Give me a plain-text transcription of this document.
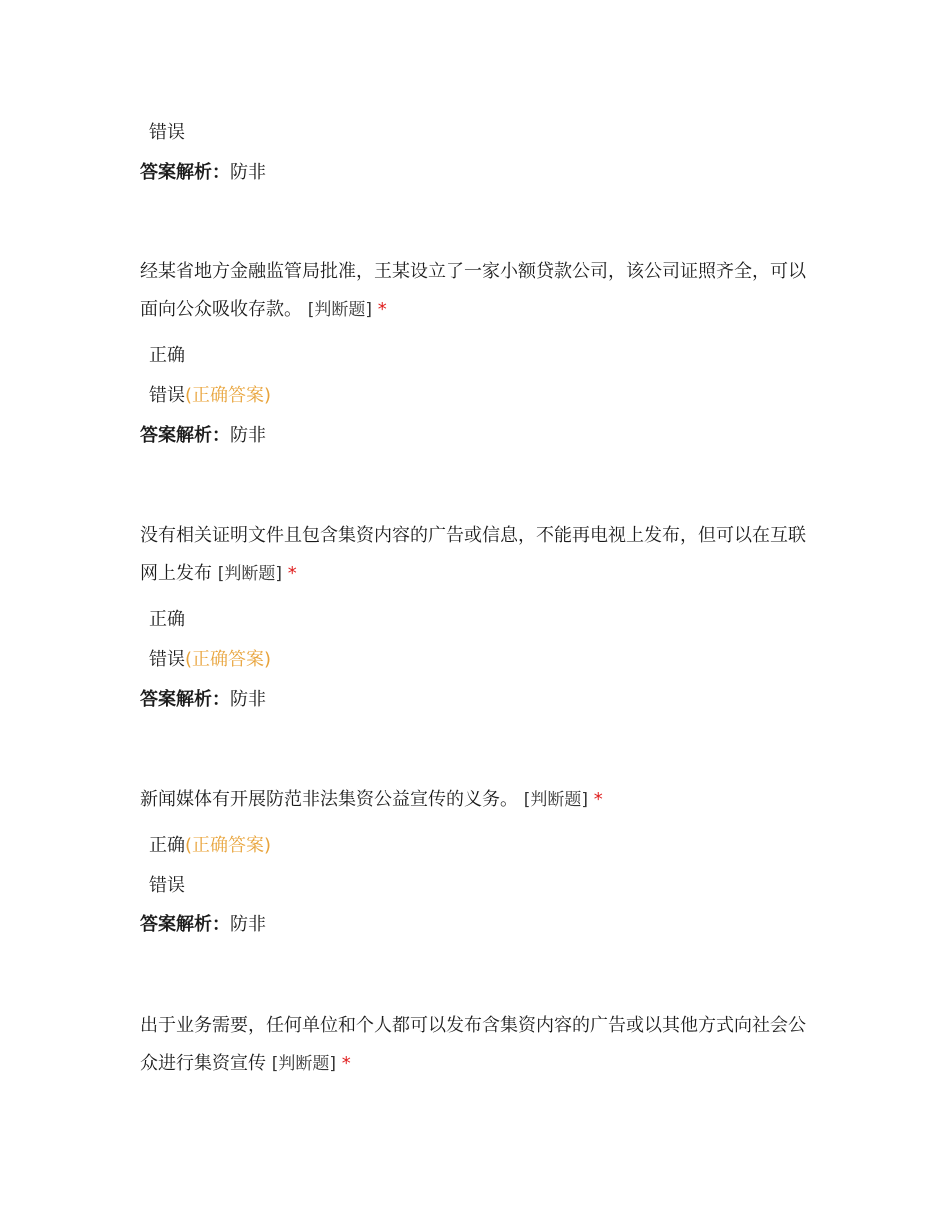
错误
答案解析：防非
经某省地方金融监管局批准，王某设立了一家小额贷款公司，该公司证照齐全，可以面向公众吸收存款。 [判断题] *
正确
错误(正确答案)
答案解析：防非
没有相关证明文件且包含集资内容的广告或信息，不能再电视上发布，但可以在互联网上发布 [判断题] *
正确
错误(正确答案)
答案解析：防非
新闻媒体有开展防范非法集资公益宣传的义务。 [判断题] *
正确(正确答案)
错误
答案解析：防非
出于业务需要，任何单位和个人都可以发布含集资内容的广告或以其他方式向社会公众进行集资宣传 [判断题] *
